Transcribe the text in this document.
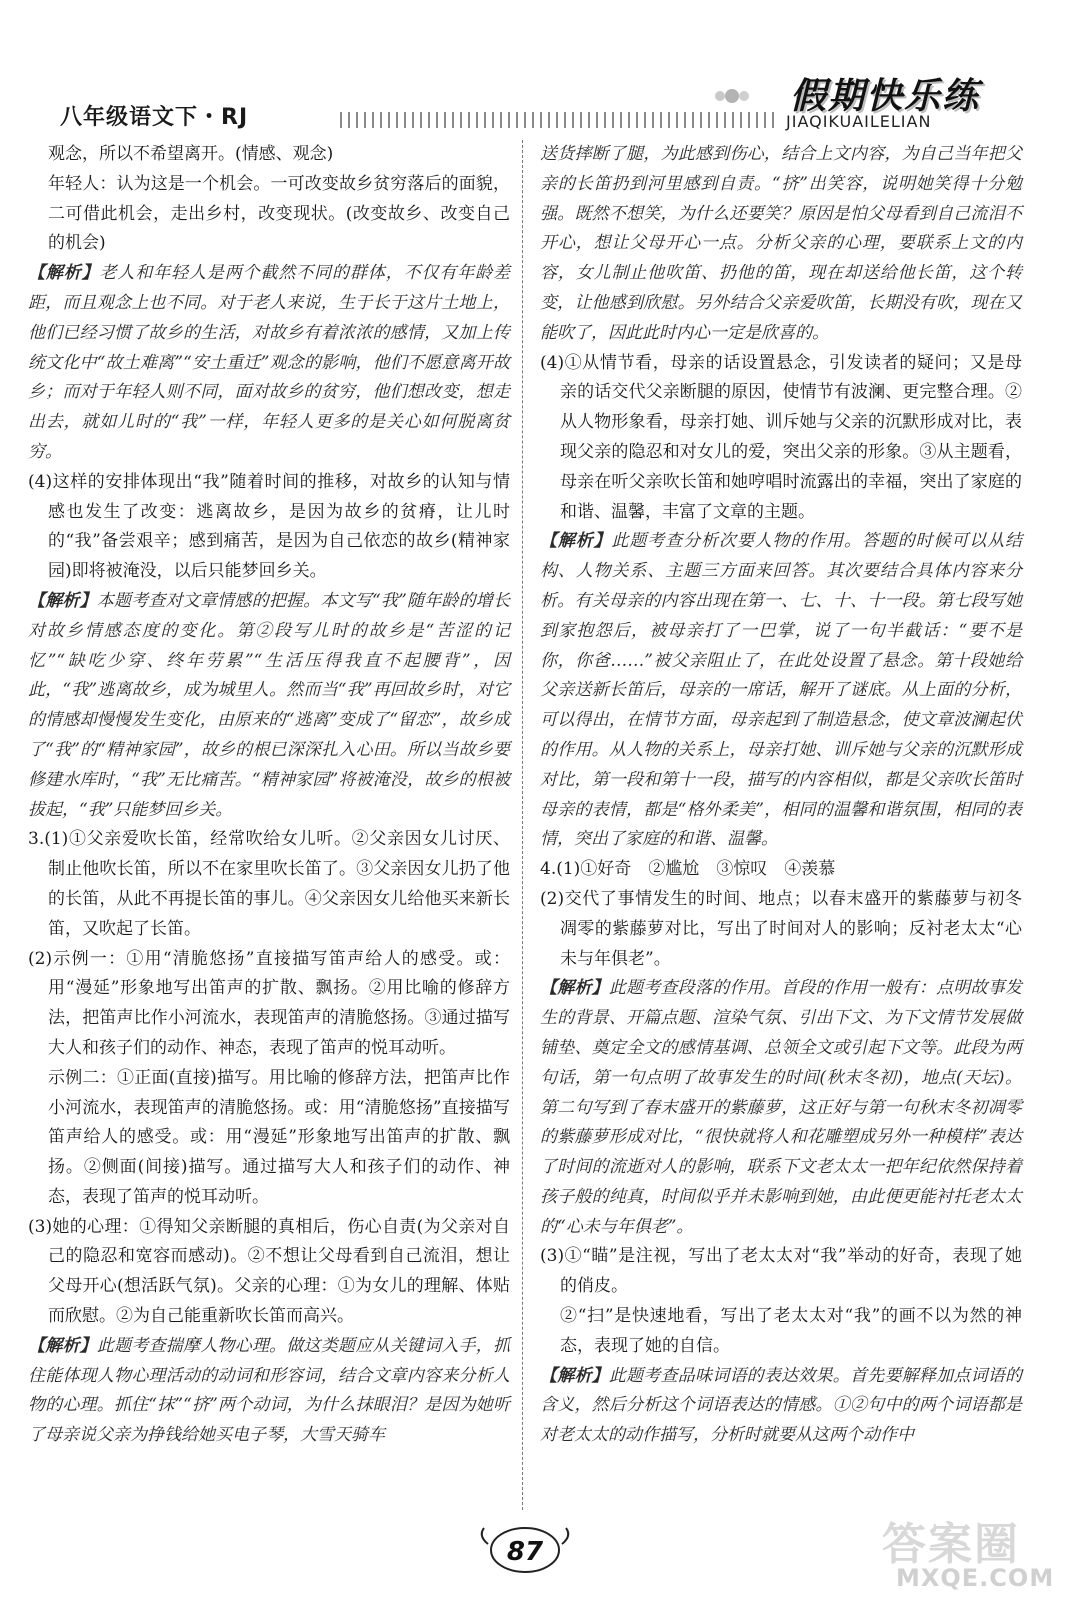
八年级语文下・RJ
假期快乐练
JIAQIKUAILELIAN

观念，所以不希望离开。(情感、观念)

年轻人：认为这是一个机会。一可改变故乡贫穷落后的面貌，二可借此机会，走出乡村，改变现状。(改变故乡、改变自己的机会)

【解析】老人和年轻人是两个截然不同的群体，不仅有年龄差距，而且观念上也不同。对于老人来说，生于长于这片土地上，他们已经习惯了故乡的生活，对故乡有着浓浓的感情，又加上传统文化中“故土难离”“安土重迁”观念的影响，他们不愿意离开故乡；而对于年轻人则不同，面对故乡的贫穷，他们想改变，想走出去，就如儿时的“我”一样，年轻人更多的是关心如何脱离贫穷。

(4)这样的安排体现出“我”随着时间的推移，对故乡的认知与情感也发生了改变：逃离故乡，是因为故乡的贫瘠，让儿时的“我”备尝艰辛；感到痛苦，是因为自己依恋的故乡(精神家园)即将被淹没，以后只能梦回乡关。

【解析】本题考查对文章情感的把握。本文写“我”随年龄的增长对故乡情感态度的变化。第②段写儿时的故乡是“苦涩的记忆”“缺吃少穿、终年劳累”“生活压得我直不起腰背”，因此，“我”逃离故乡，成为城里人。然而当“我”再回故乡时，对它的情感却慢慢发生变化，由原来的“逃离”变成了“留恋”，故乡成了“我”的“精神家园”，故乡的根已深深扎入心田。所以当故乡要修建水库时，“我”无比痛苦。“精神家园”将被淹没，故乡的根被拔起，“我”只能梦回乡关。

3.(1)①父亲爱吹长笛，经常吹给女儿听。②父亲因女儿讨厌、制止他吹长笛，所以不在家里吹长笛了。③父亲因女儿扔了他的长笛，从此不再提长笛的事儿。④父亲因女儿给他买来新长笛，又吹起了长笛。

(2)示例一：①用“清脆悠扬”直接描写笛声给人的感受。或：用“漫延”形象地写出笛声的扩散、飘扬。②用比喻的修辞方法，把笛声比作小河流水，表现笛声的清脆悠扬。③通过描写大人和孩子们的动作、神态，表现了笛声的悦耳动听。

示例二：①正面(直接)描写。用比喻的修辞方法，把笛声比作小河流水，表现笛声的清脆悠扬。或：用“清脆悠扬”直接描写笛声给人的感受。或：用“漫延”形象地写出笛声的扩散、飘扬。②侧面(间接)描写。通过描写大人和孩子们的动作、神态，表现了笛声的悦耳动听。

(3)她的心理：①得知父亲断腿的真相后，伤心自责(为父亲对自己的隐忍和宽容而感动)。②不想让父母看到自己流泪，想让父母开心(想活跃气氛)。父亲的心理：①为女儿的理解、体贴而欣慰。②为自己能重新吹长笛而高兴。

【解析】此题考查揣摩人物心理。做这类题应从关键词入手，抓住能体现人物心理活动的动词和形容词，结合文章内容来分析人物的心理。抓住“抹”“挤”两个动词，为什么抹眼泪？是因为她听了母亲说父亲为挣钱给她买电子琴，大雪天骑车

送货摔断了腿，为此感到伤心，结合上文内容，为自己当年把父亲的长笛扔到河里感到自责。“挤”出笑容，说明她笑得十分勉强。既然不想笑，为什么还要笑？原因是怕父母看到自己流泪不开心，想让父母开心一点。分析父亲的心理，要联系上文的内容，女儿制止他吹笛、扔他的笛，现在却送给他长笛，这个转变，让他感到欣慰。另外结合父亲爱吹笛，长期没有吹，现在又能吹了，因此此时内心一定是欣喜的。

(4)①从情节看，母亲的话设置悬念，引发读者的疑问；又是母亲的话交代父亲断腿的原因，使情节有波澜、更完整合理。②从人物形象看，母亲打她、训斥她与父亲的沉默形成对比，表现父亲的隐忍和对女儿的爱，突出父亲的形象。③从主题看，母亲在听父亲吹长笛和她哼唱时流露出的幸福，突出了家庭的和谐、温馨，丰富了文章的主题。

【解析】此题考查分析次要人物的作用。答题的时候可以从结构、人物关系、主题三方面来回答。其次要结合具体内容来分析。有关母亲的内容出现在第一、七、十、十一段。第七段写她到家抱怨后，被母亲打了一巴掌，说了一句半截话：“要不是你，你爸……”被父亲阻止了，在此处设置了悬念。第十段她给父亲送新长笛后，母亲的一席话，解开了谜底。从上面的分析，可以得出，在情节方面，母亲起到了制造悬念，使文章波澜起伏的作用。从人物的关系上，母亲打她、训斥她与父亲的沉默形成对比，第一段和第十一段，描写的内容相似，都是父亲吹长笛时母亲的表情，都是“格外柔美”，相同的温馨和谐氛围，相同的表情，突出了家庭的和谐、温馨。

4.(1)①好奇　②尴尬　③惊叹　④羡慕

(2)交代了事情发生的时间、地点；以春末盛开的紫藤萝与初冬凋零的紫藤萝对比，写出了时间对人的影响；反衬老太太“心未与年俱老”。

【解析】此题考查段落的作用。首段的作用一般有：点明故事发生的背景、开篇点题、渲染气氛、引出下文、为下文情节发展做铺垫、奠定全文的感情基调、总领全文或引起下文等。此段为两句话，第一句点明了故事发生的时间(秋末冬初)，地点(天坛)。第二句写到了春末盛开的紫藤萝，这正好与第一句秋末冬初凋零的紫藤萝形成对比，“很快就将人和花雕塑成另外一种模样”表达了时间的流逝对人的影响，联系下文老太太一把年纪依然保持着孩子般的纯真，时间似乎并未影响到她，由此便更能衬托老太太的“心未与年俱老”。

(3)①“瞄”是注视，写出了老太太对“我”举动的好奇，表现了她的俏皮。

②“扫”是快速地看，写出了老太太对“我”的画不以为然的神态，表现了她的自信。

【解析】此题考查品味词语的表达效果。首先要解释加点词语的含义，然后分析这个词语表达的情感。①②句中的两个词语都是对老太太的动作描写，分析时就要从这两个动作中

87	答案圈
MXQE.COM
